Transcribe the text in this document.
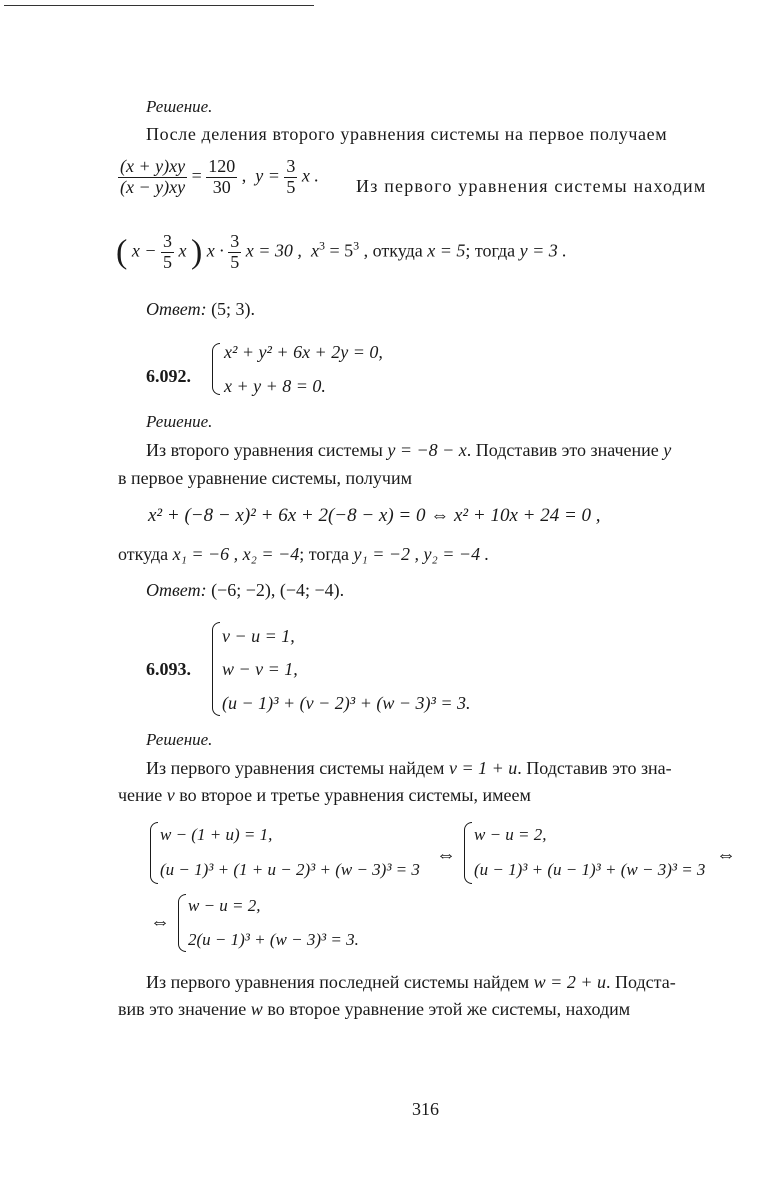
Решение.
После деления второго уравнения системы на первое получаем
$\frac{(x + y)xy}{(x - y)xy} = \frac{120}{30}$ , $y = \frac{3}{5}$ x .
Из первого уравнения системы находим
( $x - \frac{3}{5}$ x ) $x \cdot \frac{3}{5}$ x = 30 , $x^3 = 5^3$ , откуда x = 5; тогда y = 3 .
Ответ: (5; 3).
6.092.
x² + y² + 6x + 2y = 0,
x + y + 8 = 0.
Решение.
Из второго уравнения системы y = −8 − x. Подставив это значение y
в первое уравнение системы, получим
x² + (−8 − x)² + 6x + 2(−8 − x) = 0 ⇔ x² + 10x + 24 = 0 ,
откуда x₁ = −6 , x₂ = −4; тогда y₁ = −2 , y₂ = −4 .
Ответ: (−6; −2), (−4; −4).
6.093.
v − u = 1,
w − v = 1,
(u − 1)³ + (v − 2)³ + (w − 3)³ = 3.
Решение.
Из первого уравнения системы найдем v = 1 + u. Подставив это зна-
чение v во второе и третье уравнения системы, имеем
w − (1 + u) = 1,
(u − 1)³ + (1 + u − 2)³ + (w − 3)³ = 3
⇔
w − u = 2,
(u − 1)³ + (u − 1)³ + (w − 3)³ = 3
⇔
⇔
w − u = 2,
2(u − 1)³ + (w − 3)³ = 3.
Из первого уравнения последней системы найдем w = 2 + u. Подста-
вив это значение w во второе уравнение этой же системы, находим
316
